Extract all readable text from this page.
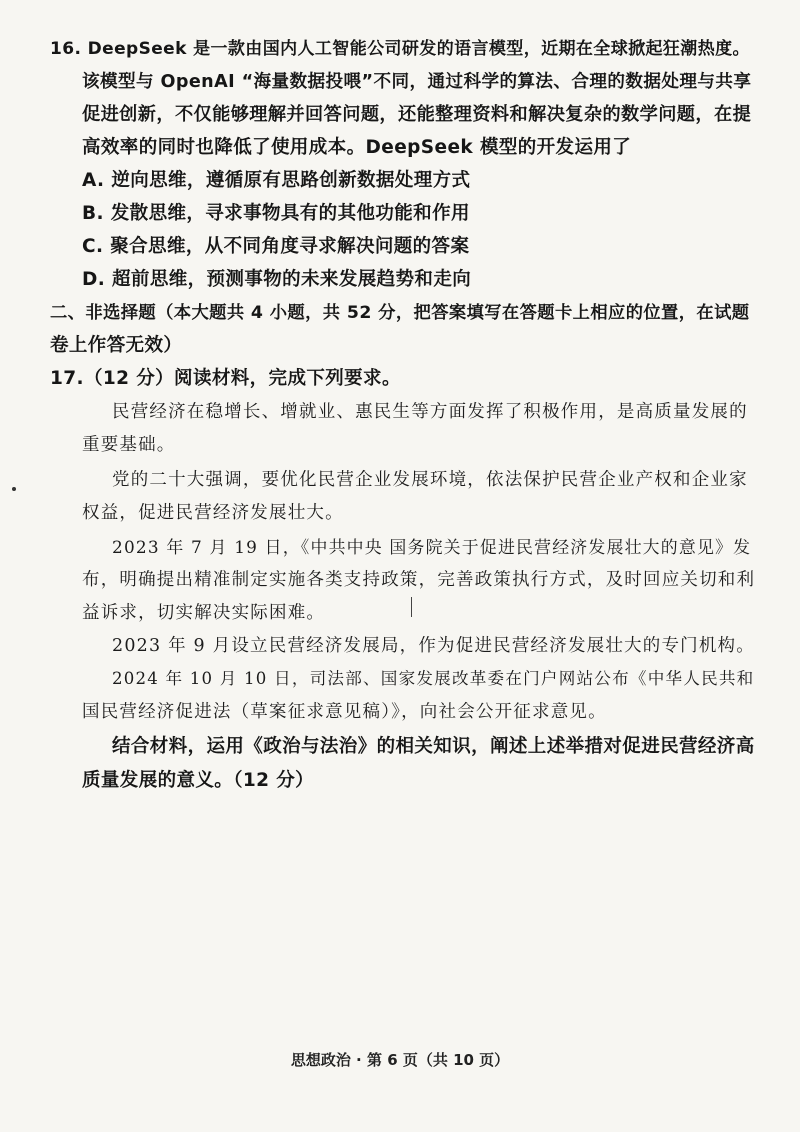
16. DeepSeek 是一款由国内人工智能公司研发的语言模型，近期在全球掀起狂潮热度。
该模型与 OpenAI “海量数据投喂”不同，通过科学的算法、合理的数据处理与共享
促进创新，不仅能够理解并回答问题，还能整理资料和解决复杂的数学问题，在提
高效率的同时也降低了使用成本。DeepSeek 模型的开发运用了
A. 逆向思维，遵循原有思路创新数据处理方式
B. 发散思维，寻求事物具有的其他功能和作用
C. 聚合思维，从不同角度寻求解决问题的答案
D. 超前思维，预测事物的未来发展趋势和走向
二、非选择题（本大题共 4 小题，共 52 分，把答案填写在答题卡上相应的位置，在试题
卷上作答无效）
17.（12 分）阅读材料，完成下列要求。
民营经济在稳增长、增就业、惠民生等方面发挥了积极作用，是高质量发展的
重要基础。
党的二十大强调，要优化民营企业发展环境，依法保护民营企业产权和企业家
权益，促进民营经济发展壮大。
2023 年 7 月 19 日，《中共中央 国务院关于促进民营经济发展壮大的意见》发
布，明确提出精准制定实施各类支持政策，完善政策执行方式，及时回应关切和利
益诉求，切实解决实际困难。
2023 年 9 月设立民营经济发展局，作为促进民营经济发展壮大的专门机构。
2024 年 10 月 10 日，司法部、国家发展改革委在门户网站公布《中华人民共和
国民营经济促进法（草案征求意见稿）》，向社会公开征求意见。
结合材料，运用《政治与法治》的相关知识，阐述上述举措对促进民营经济高
质量发展的意义。（12 分）
思想政治 · 第 6 页（共 10 页）
